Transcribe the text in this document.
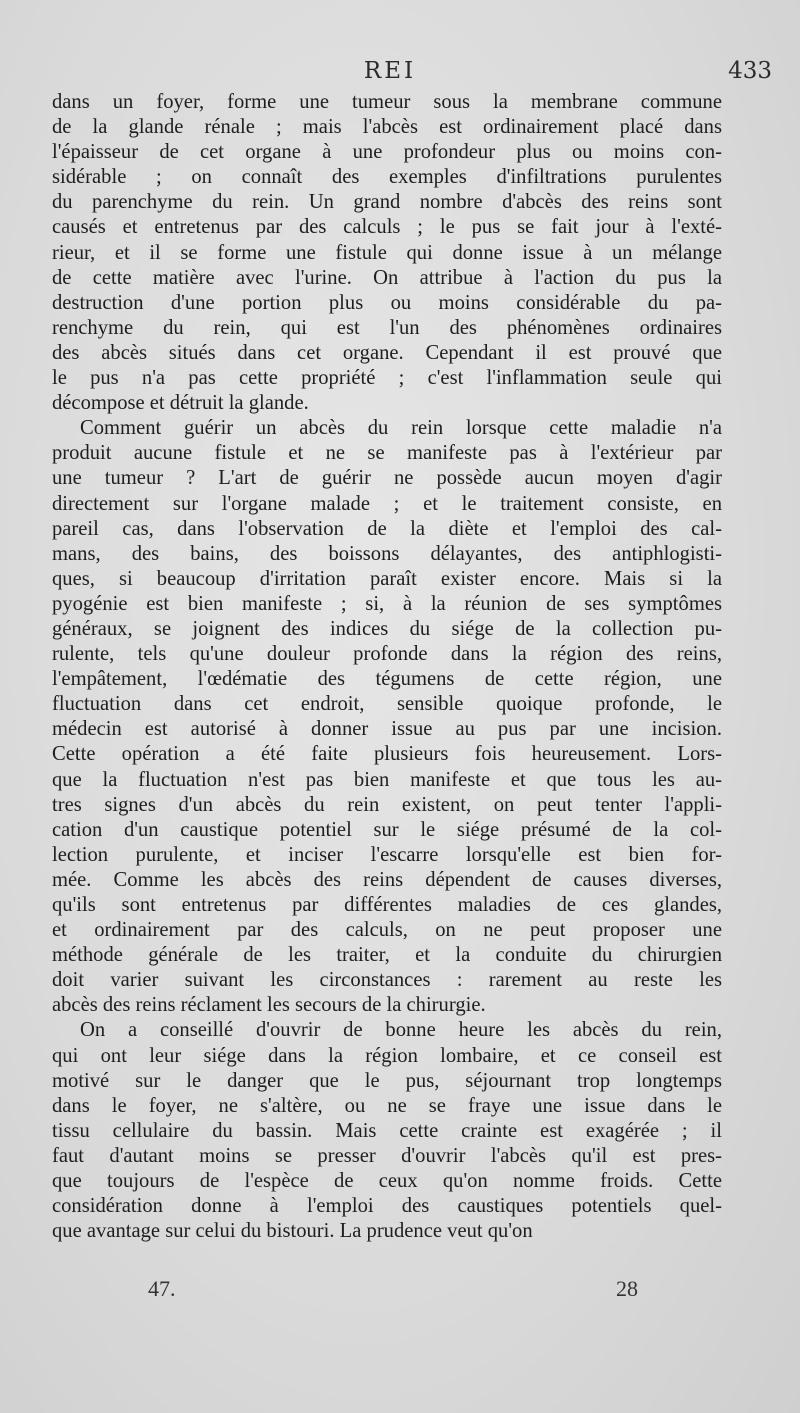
REI	433
dans un foyer, forme une tumeur sous la membrane commune
de la glande rénale ; mais l'abcès est ordinairement placé dans
l'épaisseur de cet organe à une profondeur plus ou moins con-
sidérable ; on connaît des exemples d'infiltrations purulentes
du parenchyme du rein. Un grand nombre d'abcès des reins sont
causés et entretenus par des calculs ; le pus se fait jour à l'exté-
rieur, et il se forme une fistule qui donne issue à un mélange
de cette matière avec l'urine. On attribue à l'action du pus la
destruction d'une portion plus ou moins considérable du pa-
renchyme du rein, qui est l'un des phénomènes ordinaires
des abcès situés dans cet organe. Cependant il est prouvé que
le pus n'a pas cette propriété ; c'est l'inflammation seule qui
décompose et détruit la glande.
Comment guérir un abcès du rein lorsque cette maladie n'a
produit aucune fistule et ne se manifeste pas à l'extérieur par
une tumeur ? L'art de guérir ne possède aucun moyen d'agir
directement sur l'organe malade ; et le traitement consiste, en
pareil cas, dans l'observation de la diète et l'emploi des cal-
mans, des bains, des boissons délayantes, des antiphlogisti-
ques, si beaucoup d'irritation paraît exister encore. Mais si la
pyogénie est bien manifeste ; si, à la réunion de ses symptômes
généraux, se joignent des indices du siége de la collection pu-
rulente, tels qu'une douleur profonde dans la région des reins,
l'empâtement, l'œdématie des tégumens de cette région, une
fluctuation dans cet endroit, sensible quoique profonde, le
médecin est autorisé à donner issue au pus par une incision.
Cette opération a été faite plusieurs fois heureusement. Lors-
que la fluctuation n'est pas bien manifeste et que tous les au-
tres signes d'un abcès du rein existent, on peut tenter l'appli-
cation d'un caustique potentiel sur le siége présumé de la col-
lection purulente, et inciser l'escarre lorsqu'elle est bien for-
mée. Comme les abcès des reins dépendent de causes diverses,
qu'ils sont entretenus par différentes maladies de ces glandes,
et ordinairement par des calculs, on ne peut proposer une
méthode générale de les traiter, et la conduite du chirurgien
doit varier suivant les circonstances : rarement au reste les
abcès des reins réclament les secours de la chirurgie.
On a conseillé d'ouvrir de bonne heure les abcès du rein,
qui ont leur siége dans la région lombaire, et ce conseil est
motivé sur le danger que le pus, séjournant trop longtemps
dans le foyer, ne s'altère, ou ne se fraye une issue dans le
tissu cellulaire du bassin. Mais cette crainte est exagérée ; il
faut d'autant moins se presser d'ouvrir l'abcès qu'il est pres-
que toujours de l'espèce de ceux qu'on nomme froids. Cette
considération donne à l'emploi des caustiques potentiels quel-
que avantage sur celui du bistouri. La prudence veut qu'on
47.	28
